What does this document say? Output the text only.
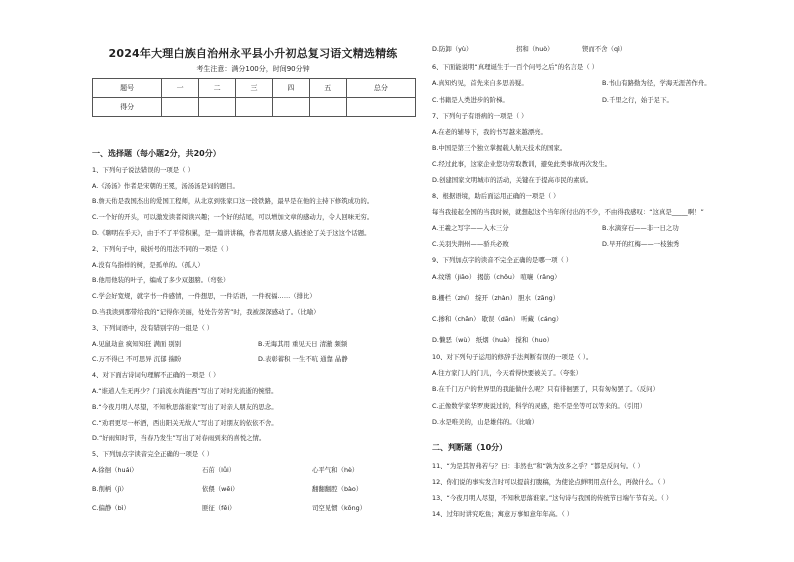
2024年大理白族自治州永平县小升初总复习语文精选精练
考生注意：满分100分，时间90分钟
题号	一	二	三	四	五	总分
得分						
一、选择题（每小题2分，共20分）
1、下列句子说法错误的一项是（ ）
A.《汤汤》作者是宋朝的王冕，汤汤汤是词的题目。
B.詹天佑是我国杰出的爱国工程师，从北京到张家口这一段铁路，最早是在他的主持下修筑成功的。
C.一个好的开头，可以激发读者阅读兴趣；一个好的结尾，可以增加文章的感动力，令人回味无穷。
D.《聊明在乎天》，由于不了平常积累，是一篇讲讲稿，作者用朋友感人描述论了关于这这个话题。
2、下列句子中，破折号的用法不同的一项是（ ）
A.没有鸟指样的树，是孤单的。（孤人）
B.他用他装的叶子，编成了多少双翅膀。（弯张）
C.学会好宽规，就字书一件感情，一件想思，一件话语，一件祝福……（排比）
D.当我读到那带给我的“记得你美丽，处处告劳苦”时，我被深深感动了。（比喻）
3、下列词语中，没有错别字的一组是（ ）
A.见鼠劫意 疯知知狂 满面 别别	B.无诲其用 重见天日 清澈 频频
C.万不得已 不可思异 沉郁 揣盼	D.表彰蓄积 一生不吭 通靠 晶静
4、对下面古诗词句理解不正确的一项是（ ）
A.“谁道人生无再少？门前流水尚能西”写出了对时光流逝的惋惜。
B.“今夜月明人尽望，不知秋思落谁家”写出了对亲人朋友的思念。
C.“劝君更尽一杯酒，西出阳关无故人”写出了对朋友的依依不舍。
D.“好雨知时节，当春乃发生”写出了对春雨到来的喜悦之情。
5、下列加点字读音完全正确的一项是（ ）
A.徐徊（huái）	石茁（lǚi）	心平气和（hè）
B.削柄（jì）	依偎（wēi）	翻翻翻腔（bào）
C.偏静（bì）	匪征（fěi）	司空见惯（kōng）
D.防卸（yù）	拐和（huò）	锲而不舍（qì）
6、下面能说明“真理诞生于一百个问号之后”的名言是（ ）
A.真知灼见，首先来自多思善疑。	B.书山有路勤为径，学海无涯苦作舟。
C.书籍是人类进步的阶梯。	D.千里之行，始于足下。
7、下列句子有语病的一项是（ ）
A.在老的辅导下，我的书写越来越漂亮。
B.中国是第三个独立掌握载人航天技术的国家。
C.经过此事，这家企业您功劳取教训，避免此类事故再次发生。
D.创建国家文明城市的活动，关键在于提高市民的素质。
8、根据语境，助后面运用正确的一项是（ ）
每当我接起全国的当我时候，就想起这个当年所付出的不少，不由得我感叹：“这真是_____啊！”
A.王羲之写字——入木三分	B.水滴穿石——非一日之功
C.关羽失荆州——骄兵必败	D.早开的红梅——一枝独秀
9、下列加点字的读音不完全正确的是哪一项（ ）
A.纹缮（jiāo） 揭筋（chōu） 喧嚷（rǎng）
B.栅栏（zhí） 绽开（zhàn） 胆水（zāng）
C.掺和（chān） 歇误（dān） 听藏（cáng）
D.懒恶（wù） 纸烟（huà） 搅和（huo）
10、对下列句子运用的修辞手法判断有误的一项是（ ）。
A.往方家门人的门儿，今天看得快要被关了。（夸张）
B.在千门万户的世界里的我能做什么呢？只有徘徊罢了，只有匆匆罢了。（反问）
C.正像数学家华罗庚说过的，科学的灵感，绝不是坐等可以等来的。（引用）
D.水是唯美的，山是雄伟的。（比喻）
二、判断题（10分）
11、“为是其智弗若与？曰：非然也”和“孰为汝多之乎？”都是反问句。（ ）
12、你们说的事实发言时可以提前打腹稿，为使论点鲜明用点什么，再做什么。（ ）
13、“今夜月明人尽望，不知秋思落谁家。”这句诗与我国的传统节日端午节有关。（ ）
14、过年时讲究吃鱼；寓意万事如意年年高。（ ）
